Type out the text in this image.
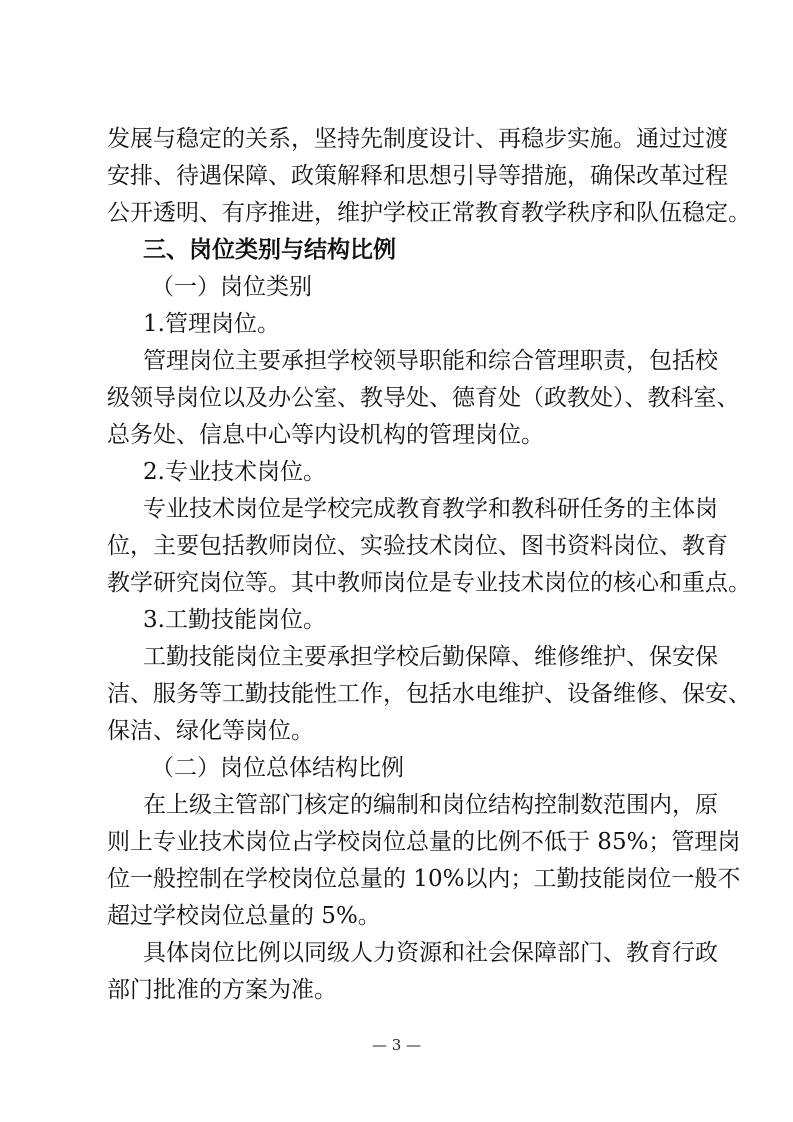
发展与稳定的关系，坚持先制度设计、再稳步实施。通过过渡
安排、待遇保障、政策解释和思想引导等措施，确保改革过程
公开透明、有序推进，维护学校正常教育教学秩序和队伍稳定。
三、岗位类别与结构比例
（一）岗位类别
1.管理岗位。
管理岗位主要承担学校领导职能和综合管理职责，包括校
级领导岗位以及办公室、教导处、德育处（政教处）、教科室、
总务处、信息中心等内设机构的管理岗位。
2.专业技术岗位。
专业技术岗位是学校完成教育教学和教科研任务的主体岗
位，主要包括教师岗位、实验技术岗位、图书资料岗位、教育
教学研究岗位等。其中教师岗位是专业技术岗位的核心和重点。
3.工勤技能岗位。
工勤技能岗位主要承担学校后勤保障、维修维护、保安保
洁、服务等工勤技能性工作，包括水电维护、设备维修、保安、
保洁、绿化等岗位。
（二）岗位总体结构比例
在上级主管部门核定的编制和岗位结构控制数范围内，原
则上专业技术岗位占学校岗位总量的比例不低于 85%；管理岗
位一般控制在学校岗位总量的 10%以内；工勤技能岗位一般不
超过学校岗位总量的 5%。
具体岗位比例以同级人力资源和社会保障部门、教育行政
部门批准的方案为准。
— 3 —
